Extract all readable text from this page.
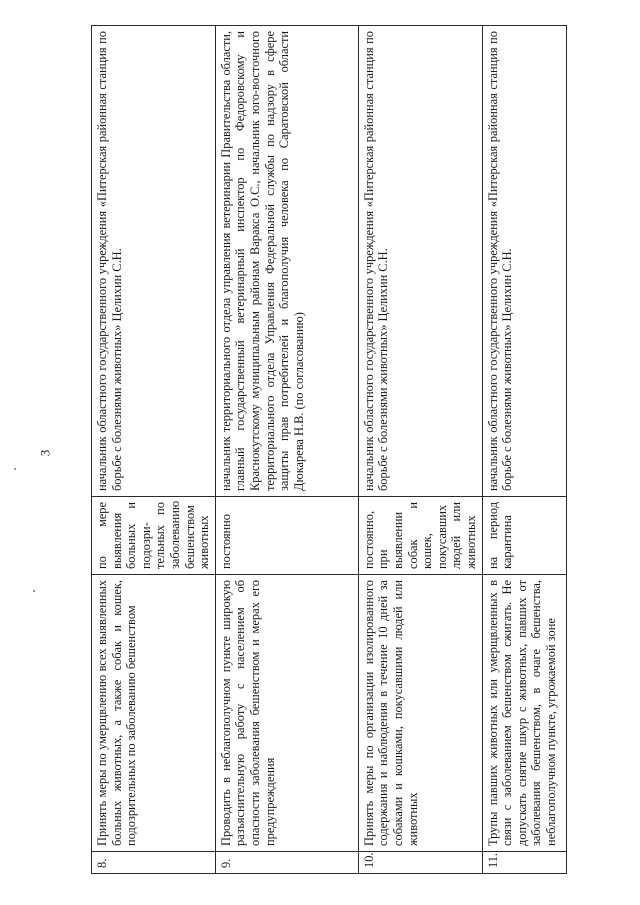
3
8.	Принять меры по умерщвлению всех выявленных больных животных, а также собак и кошек, подозрительных по заболеванию бешенством	по мере выявления больных и подозри-тельных по заболеванию бешенством животных	начальник областного государственного учреждения «Питерская районная станция по борьбе с болезнями животных» Целихин С.Н.
9.	Проводить в неблагополучном пункте широкую разъяснительную работу с населением об опасности заболевания бешенством и мерах его предупреждения	постоянно	начальник территориального отдела управления ветеринарии Правительства области, главный государственный ветеринарный инспектор по Федоровскому и Краснокутскому муниципальным районам Варакса О.С., начальник юго-восточного территориального отдела Управления Федеральной службы по надзору в сфере защиты прав потребителей и благополучия человека по Саратовской области Дюкарева Н.В. (по согласованию)
10.	Принять меры по организации изолированного содержания и наблюдения в течение 10 дней за собаками и кошками, покусавшими людей или животных	постоянно, при выявлении собак и кошек, покусавших людей или животных	начальник областного государственного учреждения «Питерская районная станция по борьбе с болезнями животных» Целихин С.Н.
11.	Трупы павших животных или умерщвленных в связи с заболеванием бешенством сжигать. Не допускать снятие шкур с животных, павших от заболевания бешенством, в очаге бешенства, неблагополучном пункте, угрожаемой зоне	на период карантина	начальник областного государственного учреждения «Питерская районная станция по борьбе с болезнями животных» Целихин С.Н.
